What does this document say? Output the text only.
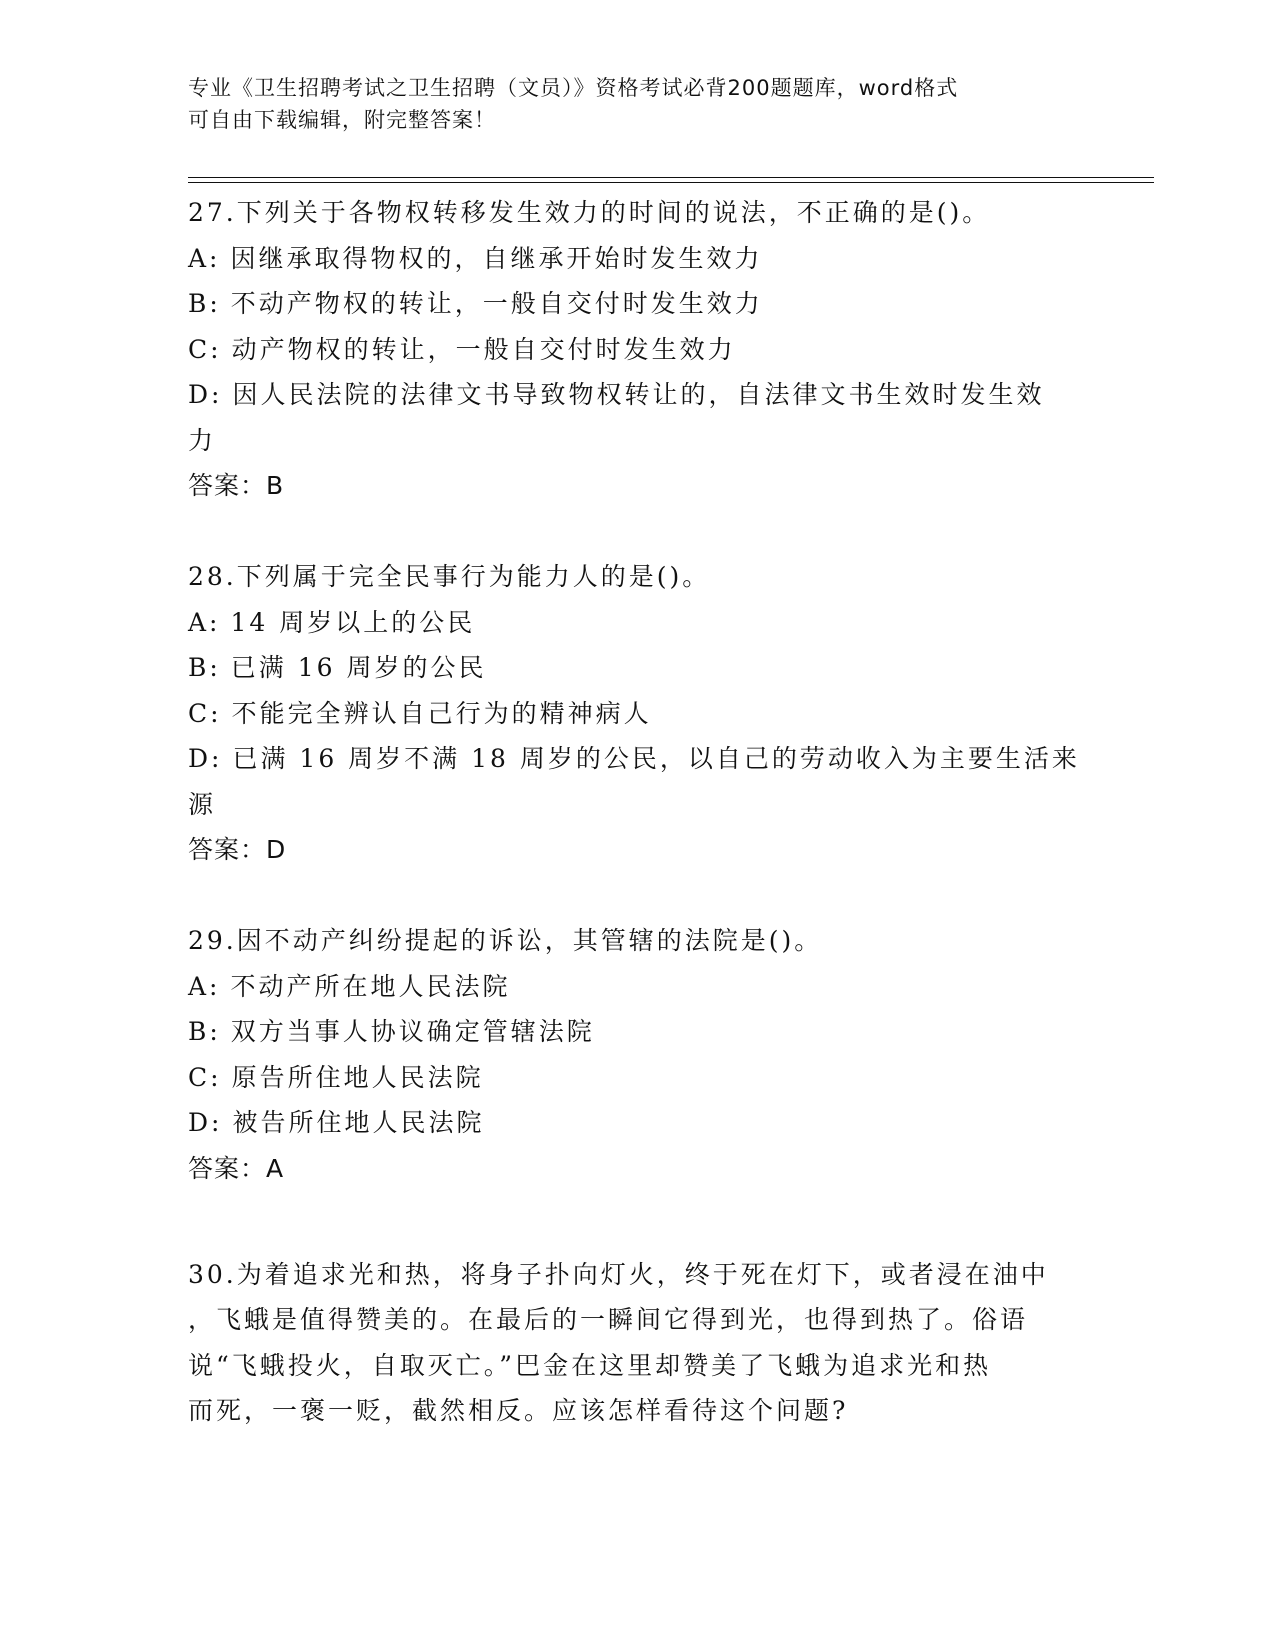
专业《卫生招聘考试之卫生招聘（文员）》资格考试必背200题题库，word格式
可自由下载编辑，附完整答案！
27.下列关于各物权转移发生效力的时间的说法，不正确的是()。
A: 因继承取得物权的，自继承开始时发生效力
B: 不动产物权的转让，一般自交付时发生效力
C: 动产物权的转让，一般自交付时发生效力
D: 因人民法院的法律文书导致物权转让的，自法律文书生效时发生效
力
答案：B
28.下列属于完全民事行为能力人的是()。
A: 14 周岁以上的公民
B: 已满 16 周岁的公民
C: 不能完全辨认自己行为的精神病人
D: 已满 16 周岁不满 18 周岁的公民，以自己的劳动收入为主要生活来
源
答案：D
29.因不动产纠纷提起的诉讼，其管辖的法院是()。
A: 不动产所在地人民法院
B: 双方当事人协议确定管辖法院
C: 原告所住地人民法院
D: 被告所住地人民法院
答案：A
30.为着追求光和热，将身子扑向灯火，终于死在灯下，或者浸在油中
，飞蛾是值得赞美的。在最后的一瞬间它得到光，也得到热了。俗语
说“飞蛾投火，自取灭亡。”巴金在这里却赞美了飞蛾为追求光和热
而死，一褒一贬，截然相反。应该怎样看待这个问题?
